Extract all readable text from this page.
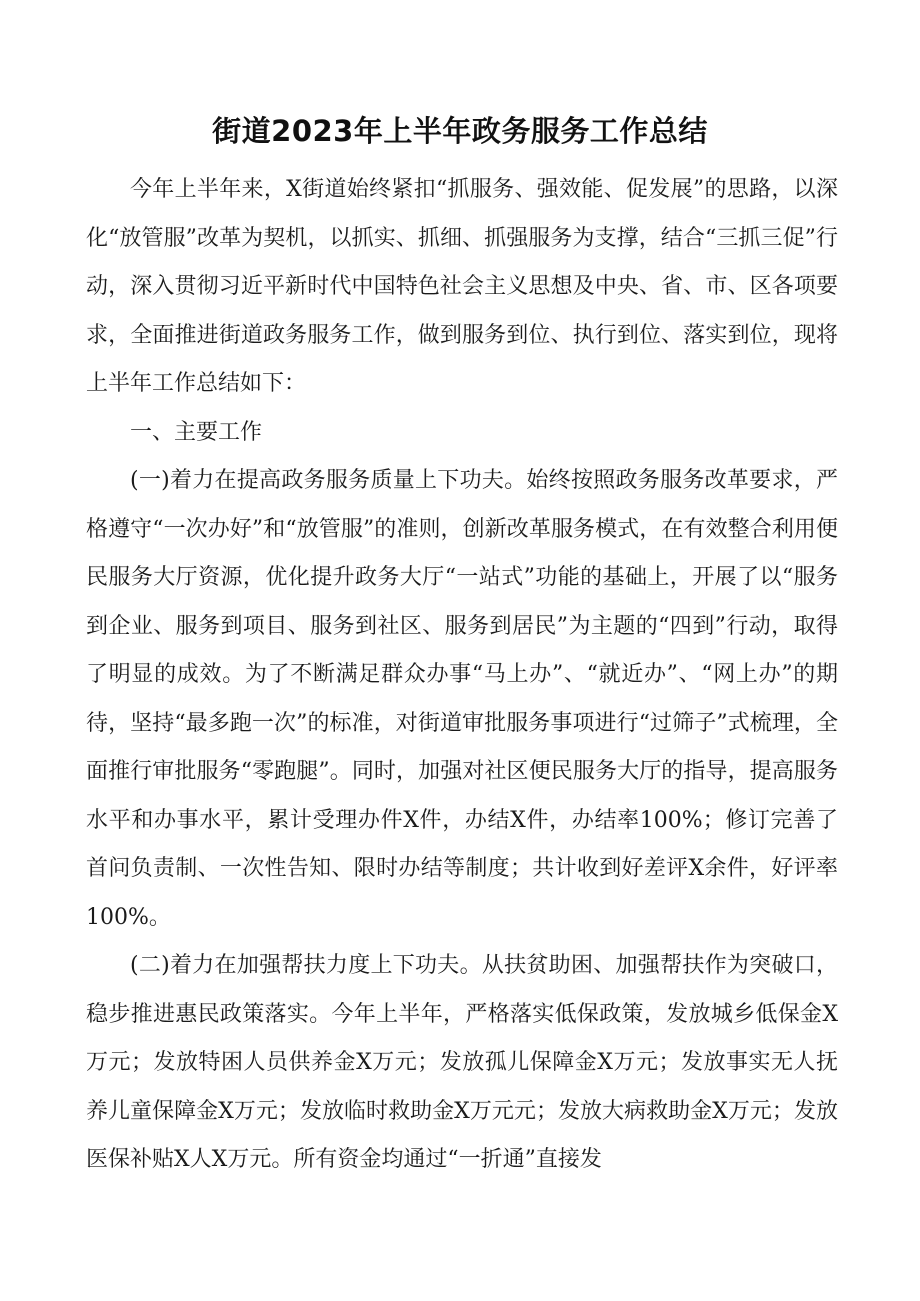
街道2023年上半年政务服务工作总结

今年上半年来，X街道始终紧扣“抓服务、强效能、促发展”的思路，以深化“放管服”改革为契机，以抓实、抓细、抓强服务为支撑，结合“三抓三促”行动，深入贯彻习近平新时代中国特色社会主义思想及中央、省、市、区各项要求，全面推进街道政务服务工作，做到服务到位、执行到位、落实到位，现将上半年工作总结如下：

一、主要工作

(一)着力在提高政务服务质量上下功夫。始终按照政务服务改革要求，严格遵守“一次办好”和“放管服”的准则，创新改革服务模式，在有效整合利用便民服务大厅资源，优化提升政务大厅“一站式”功能的基础上，开展了以“服务到企业、服务到项目、服务到社区、服务到居民”为主题的“四到”行动，取得了明显的成效。为了不断满足群众办事“马上办”、“就近办”、“网上办”的期待，坚持“最多跑一次”的标准，对街道审批服务事项进行“过筛子”式梳理，全面推行审批服务“零跑腿”。同时，加强对社区便民服务大厅的指导，提高服务水平和办事水平，累计受理办件X件，办结X件，办结率100%；修订完善了首问负责制、一次性告知、限时办结等制度；共计收到好差评X余件，好评率100%。

(二)着力在加强帮扶力度上下功夫。从扶贫助困、加强帮扶作为突破口，稳步推进惠民政策落实。今年上半年，严格落实低保政策，发放城乡低保金X万元；发放特困人员供养金X万元；发放孤儿保障金X万元；发放事实无人抚养儿童保障金X万元；发放临时救助金X万元元；发放大病救助金X万元；发放医保补贴X人X万元。所有资金均通过“一折通”直接发
